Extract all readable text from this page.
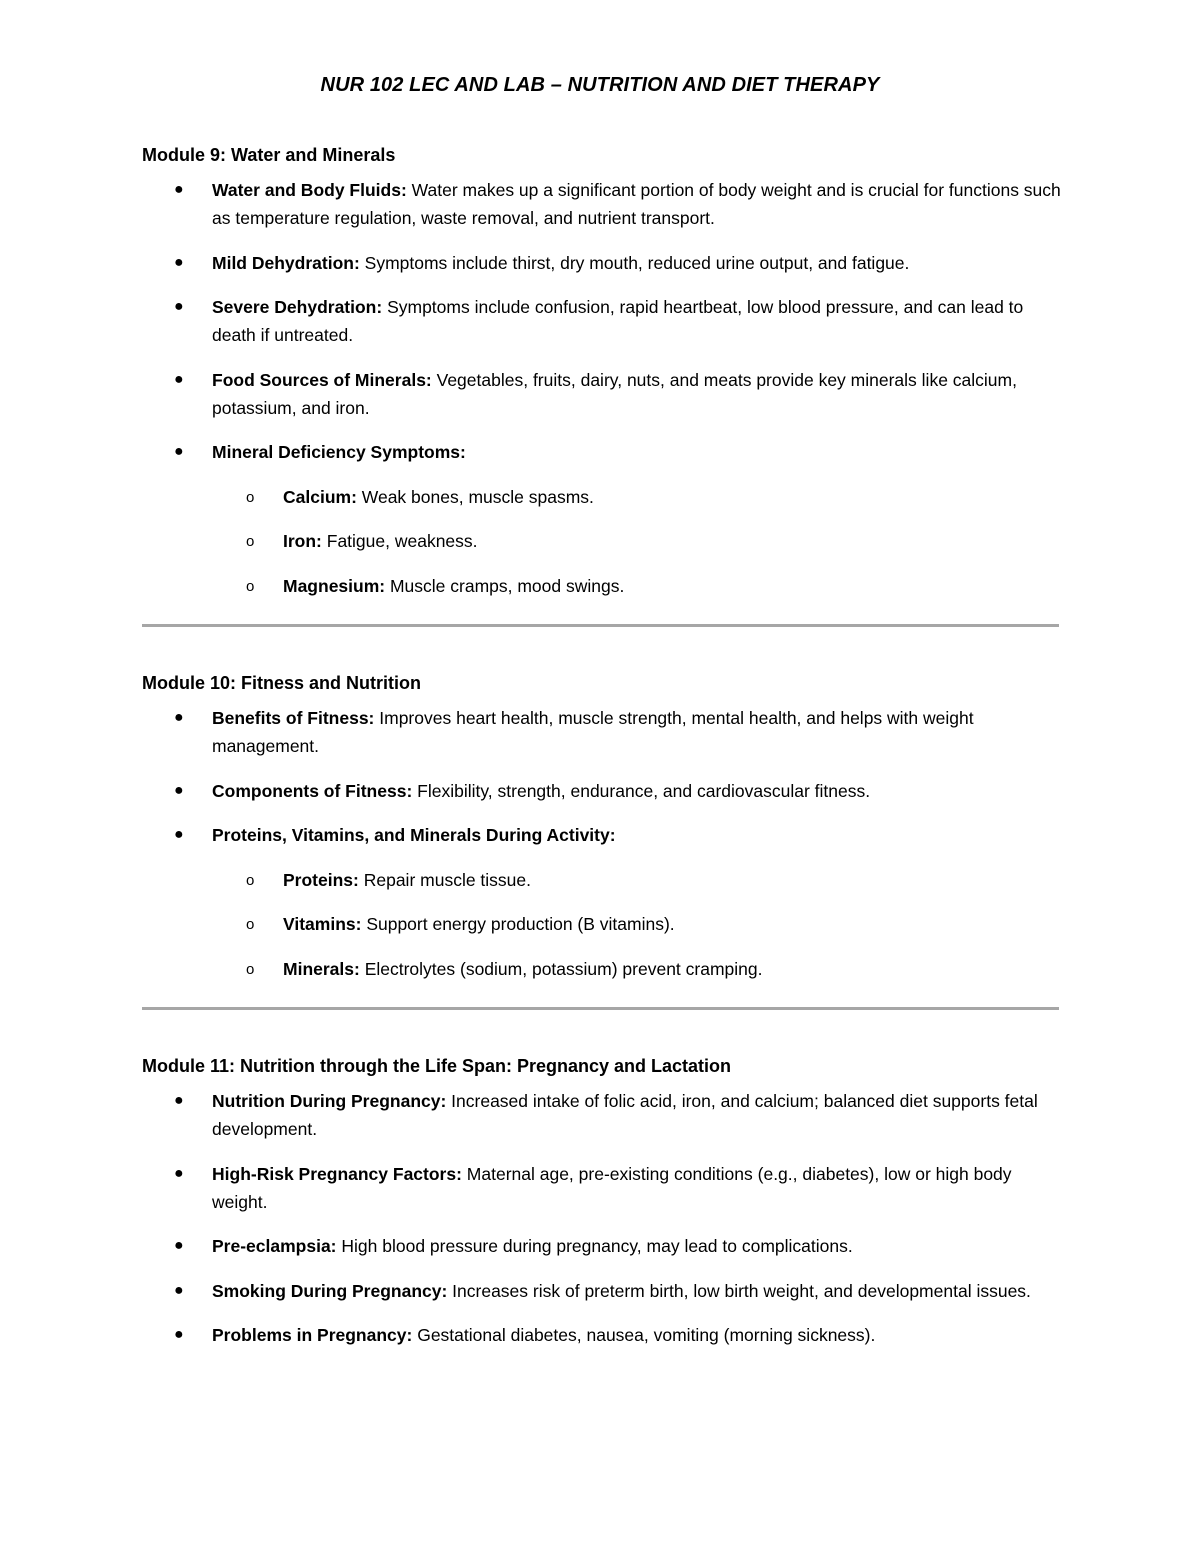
NUR 102 LEC AND LAB – NUTRITION AND DIET THERAPY
Module 9: Water and Minerals
● Water and Body Fluids: Water makes up a significant portion of body weight and is crucial for functions such as temperature regulation, waste removal, and nutrient transport.
● Mild Dehydration: Symptoms include thirst, dry mouth, reduced urine output, and fatigue.
● Severe Dehydration: Symptoms include confusion, rapid heartbeat, low blood pressure, and can lead to death if untreated.
● Food Sources of Minerals: Vegetables, fruits, dairy, nuts, and meats provide key minerals like calcium, potassium, and iron.
● Mineral Deficiency Symptoms:
o	Calcium: Weak bones, muscle spasms.
o	Iron: Fatigue, weakness.
o	Magnesium: Muscle cramps, mood swings.
Module 10: Fitness and Nutrition
● Benefits of Fitness: Improves heart health, muscle strength, mental health, and helps with weight management.
● Components of Fitness: Flexibility, strength, endurance, and cardiovascular fitness.
● Proteins, Vitamins, and Minerals During Activity:
o	Proteins: Repair muscle tissue.
o	Vitamins: Support energy production (B vitamins).
o	Minerals: Electrolytes (sodium, potassium) prevent cramping.
Module 11: Nutrition through the Life Span: Pregnancy and Lactation
● Nutrition During Pregnancy: Increased intake of folic acid, iron, and calcium; balanced diet supports fetal development.
● High-Risk Pregnancy Factors: Maternal age, pre-existing conditions (e.g., diabetes), low or high body weight.
● Pre-eclampsia: High blood pressure during pregnancy, may lead to complications.
● Smoking During Pregnancy: Increases risk of preterm birth, low birth weight, and developmental issues.
● Problems in Pregnancy: Gestational diabetes, nausea, vomiting (morning sickness).
